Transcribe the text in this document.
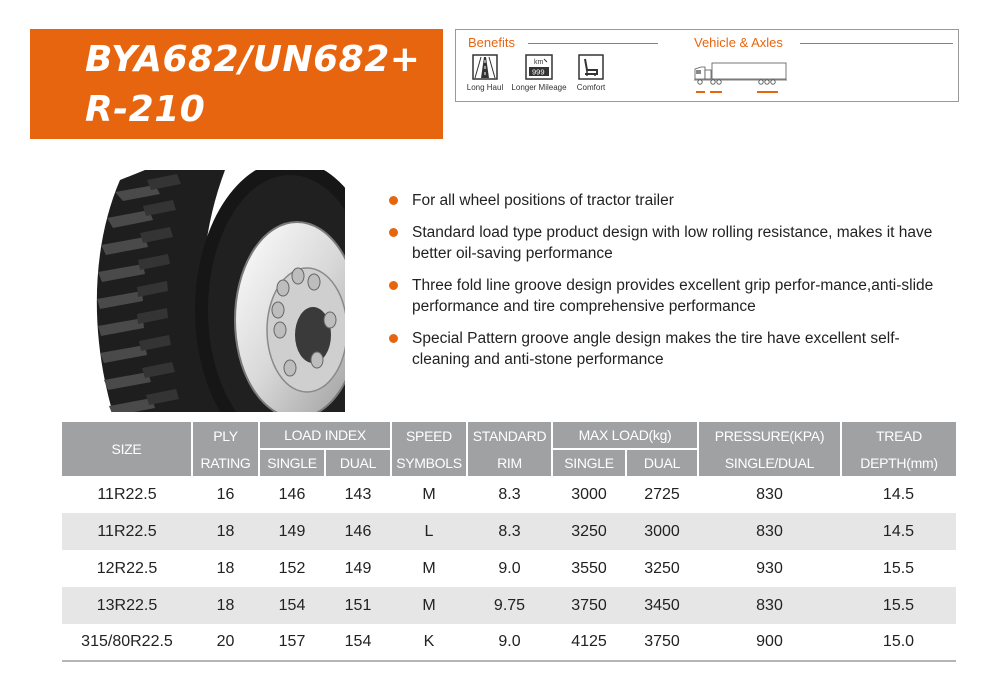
BYA682/UN682+
R-210
Benefits	Vehicle & Axles
Long Haul
km
999
Longer Mileage	Comfort
For all wheel positions of tractor trailer
Standard load type product design with low rolling resistance, makes it have better oil-saving performance
Three fold line groove design provides excellent grip perfor-mance,anti-slide performance and tire comprehensive performance
Special Pattern groove angle design makes the tire have excellent self-cleaning and anti-stone performance
SIZE	PLY	LOAD INDEX		SPEED	STANDARD	MAX LOAD(kg)		PRESSURE(KPA)	TREAD
	RATING	SINGLE	DUAL	SYMBOLS	RIM	SINGLE	DUAL	SINGLE/DUAL	DEPTH(mm)
11R22.5	16	146	143	M	8.3	3000	2725	830	14.5
11R22.5	18	149	146	L	8.3	3250	3000	830	14.5
12R22.5	18	152	149	M	9.0	3550	3250	930	15.5
13R22.5	18	154	151	M	9.75	3750	3450	830	15.5
315/80R22.5	20	157	154	K	9.0	4125	3750	900	15.0
